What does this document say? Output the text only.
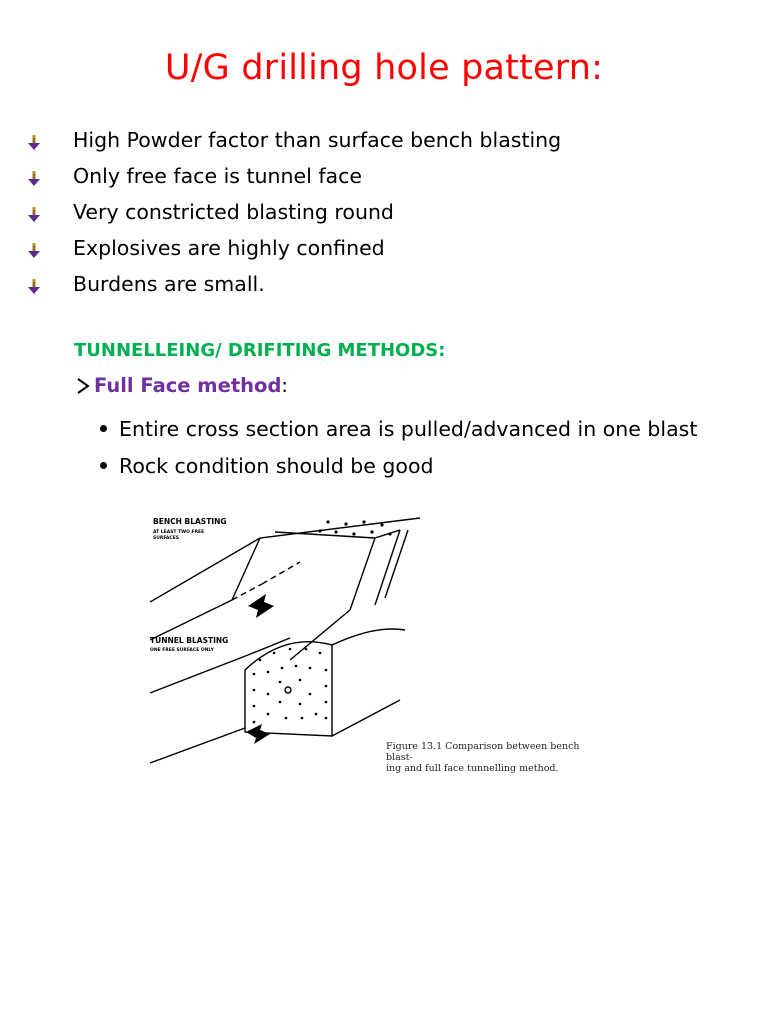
U/G drilling hole pattern:
High Powder factor than surface bench blasting
Only free face is tunnel face
Very constricted blasting round
Explosives are highly confined
Burdens are small.
TUNNELLEING/ DRIFITING METHODS:
Full Face method :
Entire cross section area is pulled/advanced in one blast
Rock condition should be good
BENCH BLASTING
AT LEAST TWO FREE
SURFACES
TUNNEL BLASTING
ONE FREE SURFACE ONLY
Figure 13.1 Comparison between bench blast-
ing and full face tunnelling method.
